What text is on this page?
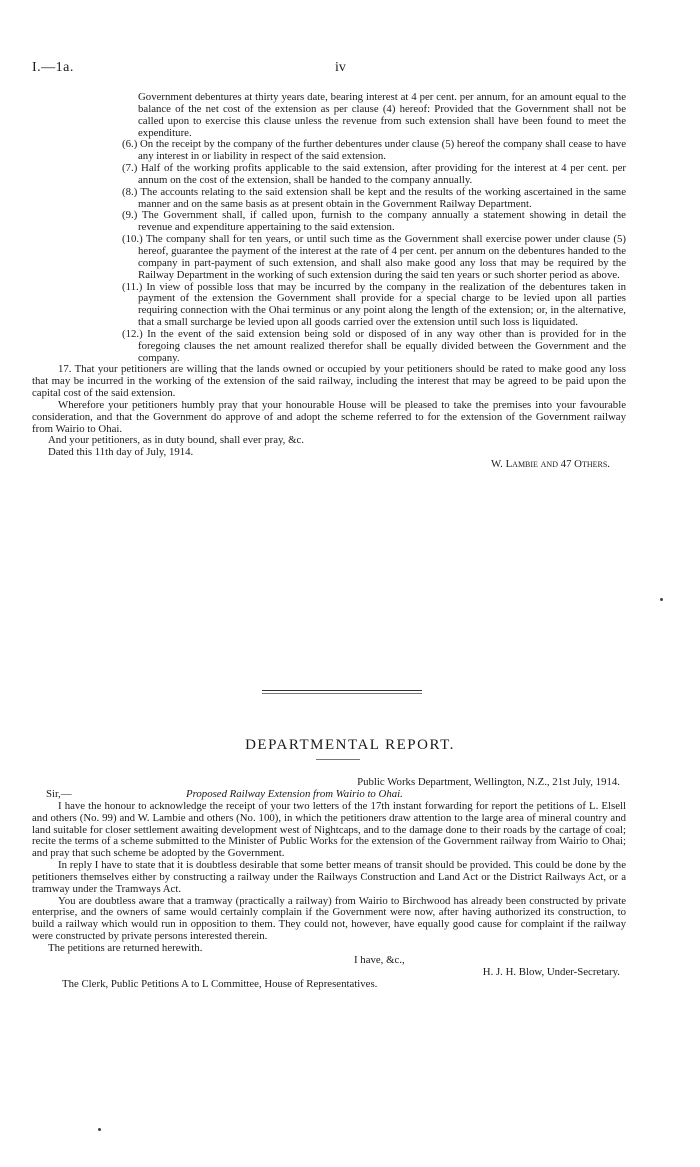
I.—1a.	iv
Government debentures at thirty years date, bearing interest at 4 per cent. per annum, for an amount equal to the balance of the net cost of the extension as per clause (4) hereof: Provided that the Government shall not be called upon to exercise this clause unless the revenue from such extension shall have been found to meet the expenditure.
(6.) On the receipt by the company of the further debentures under clause (5) hereof the company shall cease to have any interest in or liability in respect of the said extension.
(7.) Half of the working profits applicable to the said extension, after providing for the interest at 4 per cent. per annum on the cost of the extension, shall be handed to the company annually.
(8.) The accounts relating to the said extension shall be kept and the results of the working ascertained in the same manner and on the same basis as at present obtain in the Government Railway Department.
(9.) The Government shall, if called upon, furnish to the company annually a statement showing in detail the revenue and expenditure appertaining to the said extension.
(10.) The company shall for ten years, or until such time as the Government shall exercise power under clause (5) hereof, guarantee the payment of the interest at the rate of 4 per cent. per annum on the debentures handed to the company in part-payment of such extension, and shall also make good any loss that may be required by the Railway Department in the working of such extension during the said ten years or such shorter period as above.
(11.) In view of possible loss that may be incurred by the company in the realization of the debentures taken in payment of the extension the Government shall provide for a special charge to be levied upon all parties requiring connection with the Ohai terminus or any point along the length of the extension; or, in the alternative, that a small surcharge be levied upon all goods carried over the extension until such loss is liquidated.
(12.) In the event of the said extension being sold or disposed of in any way other than is provided for in the foregoing clauses the net amount realized therefor shall be equally divided between the Government and the company.
17. That your petitioners are willing that the lands owned or occupied by your petitioners should be rated to make good any loss that may be incurred in the working of the extension of the said railway, including the interest that may be agreed to be paid upon the capital cost of the said extension.
Wherefore your petitioners humbly pray that your honourable House will be pleased to take the premises into your favourable consideration, and that the Government do approve of and adopt the scheme referred to for the extension of the Government railway from Wairio to Ohai.
And your petitioners, as in duty bound, shall ever pray, &c.
Dated this 11th day of July, 1914.
W. Lambie and 47 Others.
DEPARTMENTAL REPORT.
Public Works Department, Wellington, N.Z., 21st July, 1914.
Sir,—	Proposed Railway Extension from Wairio to Ohai.
I have the honour to acknowledge the receipt of your two letters of the 17th instant forwarding for report the petitions of L. Elsell and others (No. 99) and W. Lambie and others (No. 100), in which the petitioners draw attention to the large area of mineral country and land suitable for closer settlement awaiting development west of Nightcaps, and to the damage done to their roads by the cartage of coal; recite the terms of a scheme submitted to the Minister of Public Works for the extension of the Government railway from Wairio to Ohai; and pray that such scheme be adopted by the Government.
In reply I have to state that it is doubtless desirable that some better means of transit should be provided. This could be done by the petitioners themselves either by constructing a railway under the Railways Construction and Land Act or the District Railways Act, or a tramway under the Tramways Act.
You are doubtless aware that a tramway (practically a railway) from Wairio to Birchwood has already been constructed by private enterprise, and the owners of same would certainly complain if the Government were now, after having authorized its construction, to build a railway which would run in opposition to them. They could not, however, have equally good cause for complaint if the railway were constructed by private persons interested therein.
The petitions are returned herewith.
I have, &c.,
H. J. H. Blow, Under-Secretary.
The Clerk, Public Petitions A to L Committee, House of Representatives.
